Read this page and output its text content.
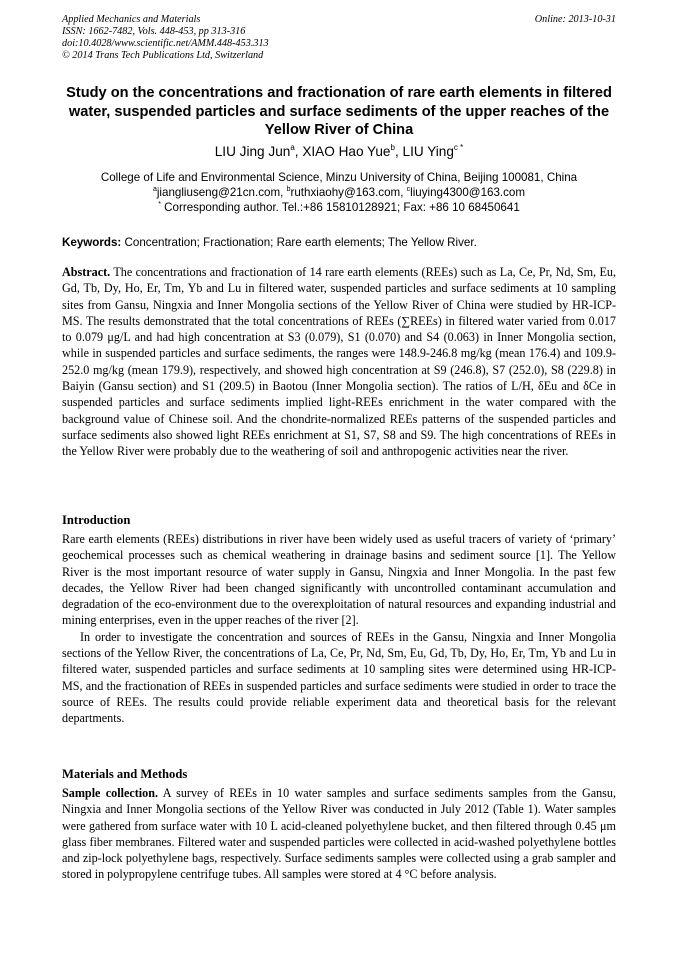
Applied Mechanics and Materials
ISSN: 1662-7482, Vols. 448-453, pp 313-316
doi:10.4028/www.scientific.net/AMM.448-453.313
© 2014 Trans Tech Publications Ltd, Switzerland
Online: 2013-10-31
Study on the concentrations and fractionation of rare earth elements in filtered water, suspended particles and surface sediments of the upper reaches of the Yellow River of China
LIU Jing Jun$^a$, XIAO Hao Yue$^b$, LIU Ying$^{c *}$
College of Life and Environmental Science, Minzu University of China, Beijing 100081, China
$^a$jiangliuseng@21cn.com, $^b$ruthxiaohy@163.com, $^c$liuying4300@163.com
* Corresponding author. Tel.:+86 15810128921; Fax: +86 10 68450641
Keywords: Concentration; Fractionation; Rare earth elements; The Yellow River.
Abstract. The concentrations and fractionation of 14 rare earth elements (REEs) such as La, Ce, Pr, Nd, Sm, Eu, Gd, Tb, Dy, Ho, Er, Tm, Yb and Lu in filtered water, suspended particles and surface sediments at 10 sampling sites from Gansu, Ningxia and Inner Mongolia sections of the Yellow River of China were studied by HR-ICP-MS. The results demonstrated that the total concentrations of REEs (∑REEs) in filtered water varied from 0.017 to 0.079 μg/L and had high concentration at S3 (0.079), S1 (0.070) and S4 (0.063) in Inner Mongolia section, while in suspended particles and surface sediments, the ranges were 148.9-246.8 mg/kg (mean 176.4) and 109.9-252.0 mg/kg (mean 179.9), respectively, and showed high concentration at S9 (246.8), S7 (252.0), S8 (229.8) in Baiyin (Gansu section) and S1 (209.5) in Baotou (Inner Mongolia section). The ratios of L/H, δEu and δCe in suspended particles and surface sediments implied light-REEs enrichment in the water compared with the background value of Chinese soil. And the chondrite-normalized REEs patterns of the suspended particles and surface sediments also showed light REEs enrichment at S1, S7, S8 and S9. The high concentrations of REEs in the Yellow River were probably due to the weathering of soil and anthropogenic activities near the river.
Introduction

Rare earth elements (REEs) distributions in river have been widely used as useful tracers of variety of ‘primary’ geochemical processes such as chemical weathering in drainage basins and sediment source [1]. The Yellow River is the most important resource of water supply in Gansu, Ningxia and Inner Mongolia. In the past few decades, the Yellow River had been changed significantly with uncontrolled contaminant accumulation and degradation of the eco-environment due to the overexploitation of natural resources and expanding industrial and mining enterprises, even in the upper reaches of the river [2].

In order to investigate the concentration and sources of REEs in the Gansu, Ningxia and Inner Mongolia sections of the Yellow River, the concentrations of La, Ce, Pr, Nd, Sm, Eu, Gd, Tb, Dy, Ho, Er, Tm, Yb and Lu in filtered water, suspended particles and surface sediments at 10 sampling sites were determined using HR-ICP-MS, and the fractionation of REEs in suspended particles and surface sediments were studied in order to trace the source of REEs. The results could provide reliable experiment data and theoretical basis for the relevant departments.

Materials and Methods
Sample collection. A survey of REEs in 10 water samples and surface sediments samples from the Gansu, Ningxia and Inner Mongolia sections of the Yellow River was conducted in July 2012 (Table 1). Water samples were gathered from surface water with 10 L acid-cleaned polyethylene bucket, and then filtered through 0.45 μm glass fiber membranes. Filtered water and suspended particles were collected in acid-washed polyethylene bottles and zip-lock polyethylene bags, respectively. Surface sediments samples were collected using a grab sampler and stored in polypropylene centrifuge tubes. All samples were stored at 4 °C before analysis.
